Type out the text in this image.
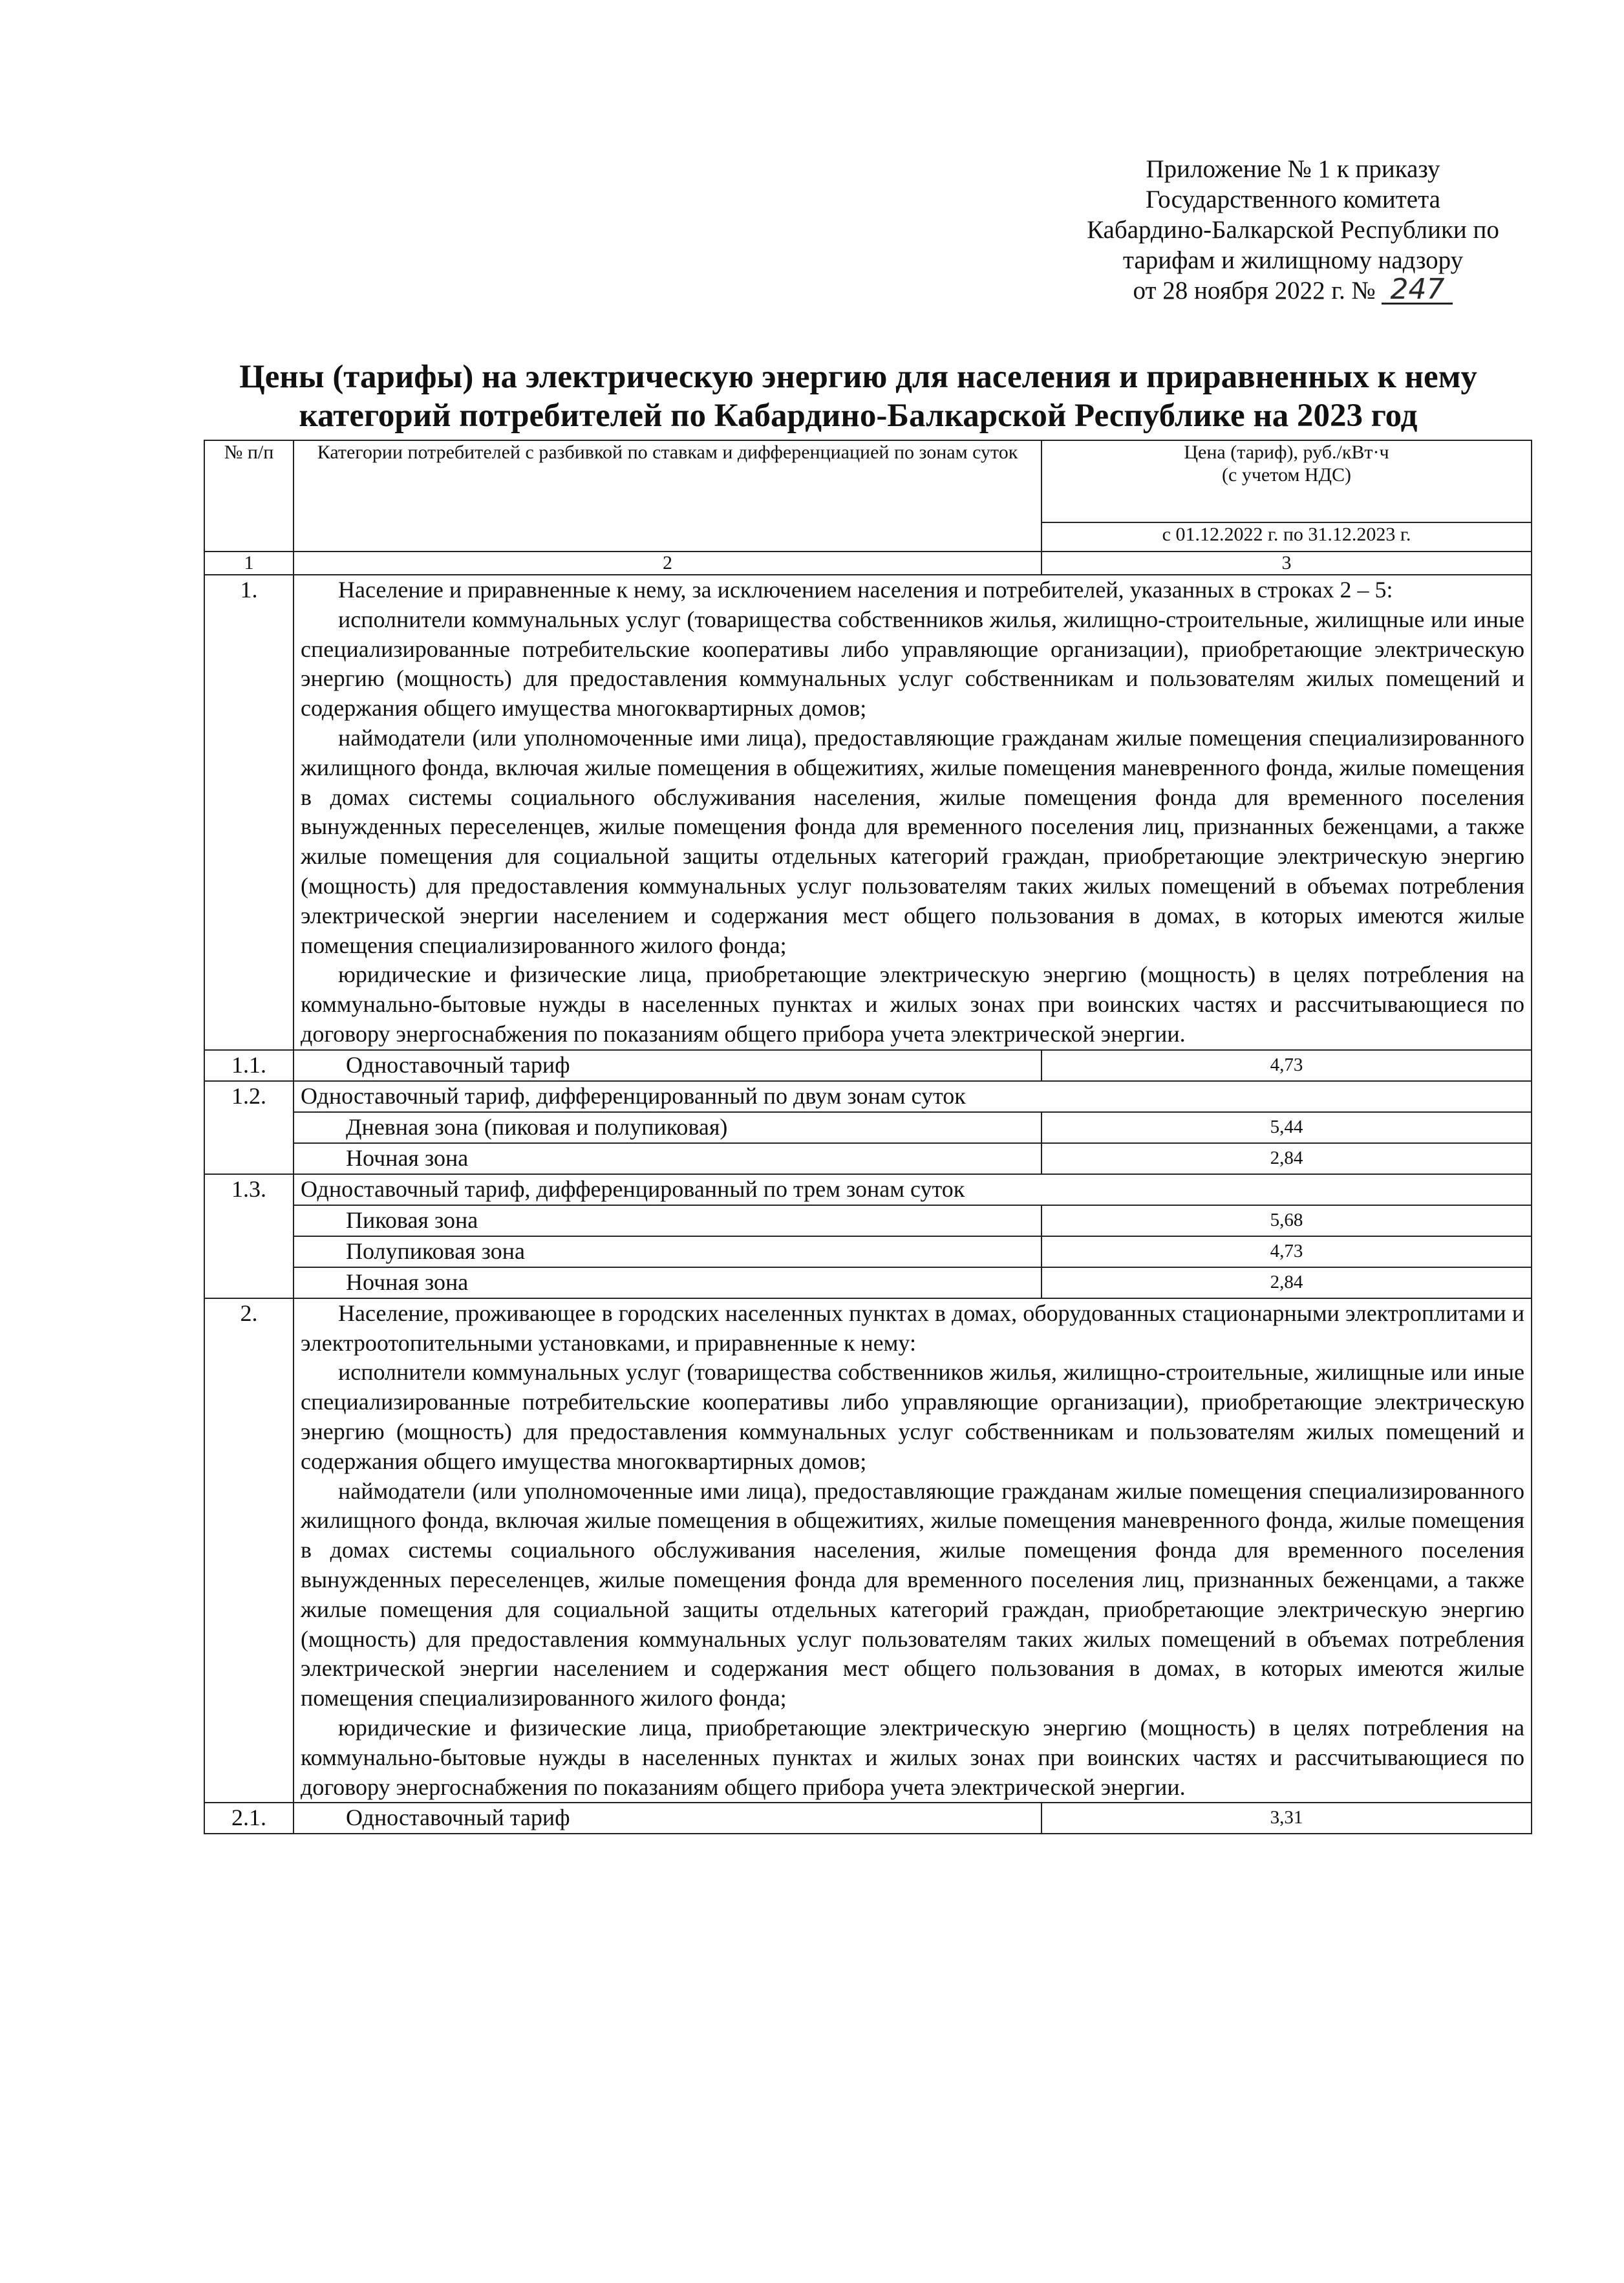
Приложение № 1 к приказу
Государственного комитета
Кабардино-Балкарской Республики по
тарифам и жилищному надзору
от 28 ноября 2022 г. № 247
Цены (тарифы) на электрическую энергию для населения и приравненных к нему
категорий потребителей по Кабардино-Балкарской Республике на 2023 год
№ п/п	Категории потребителей с разбивкой по ставкам и дифференциацией по зонам суток	Цена (тариф), руб./кВт·ч
(с учетом НДС)

		с 01.12.2022 г. по 31.12.2023 г.
1	2	3
1.	Население и приравненные к нему, за исключением населения и потребителей, указанных в строках 2 – 5:

исполнители коммунальных услуг (товарищества собственников жилья, жилищно-строительные, жилищные или иные специализированные потребительские кооперативы либо управляющие организации), приобретающие электрическую энергию (мощность) для предоставления коммунальных услуг собственникам и пользователям жилых помещений и содержания общего имущества многоквартирных домов;

наймодатели (или уполномоченные ими лица), предоставляющие гражданам жилые помещения специализированного жилищного фонда, включая жилые помещения в общежитиях, жилые помещения маневренного фонда, жилые помещения в домах системы социального обслуживания населения, жилые помещения фонда для временного поселения вынужденных переселенцев, жилые помещения фонда для временного поселения лиц, признанных беженцами, а также жилые помещения для социальной защиты отдельных категорий граждан, приобретающие электрическую энергию (мощность) для предоставления коммунальных услуг пользователям таких жилых помещений в объемах потребления электрической энергии населением и содержания мест общего пользования в домах, в которых имеются жилые помещения специализированного жилого фонда;

юридические и физические лица, приобретающие электрическую энергию (мощность) в целях потребления на коммунально-бытовые нужды в населенных пунктах и жилых зонах при воинских частях и рассчитывающиеся по договору энергоснабжения по показаниям общего прибора учета электрической энергии.	

1.1.	Одноставочный тариф	4,73
1.2.	Одноставочный тариф, дифференцированный по двум зонам суток	
	Дневная зона (пиковая и полупиковая)	5,44
	Ночная зона	2,84
1.3.	Одноставочный тариф, дифференцированный по трем зонам суток	
	Пиковая зона	5,68
	Полупиковая зона	4,73
	Ночная зона	2,84
2.	Население, проживающее в городских населенных пунктах в домах, оборудованных стационарными электроплитами и электроотопительными установками, и приравненные к нему:

исполнители коммунальных услуг (товарищества собственников жилья, жилищно-строительные, жилищные или иные специализированные потребительские кооперативы либо управляющие организации), приобретающие электрическую энергию (мощность) для предоставления коммунальных услуг собственникам и пользователям жилых помещений и содержания общего имущества многоквартирных домов;

наймодатели (или уполномоченные ими лица), предоставляющие гражданам жилые помещения специализированного жилищного фонда, включая жилые помещения в общежитиях, жилые помещения маневренного фонда, жилые помещения в домах системы социального обслуживания населения, жилые помещения фонда для временного поселения вынужденных переселенцев, жилые помещения фонда для временного поселения лиц, признанных беженцами, а также жилые помещения для социальной защиты отдельных категорий граждан, приобретающие электрическую энергию (мощность) для предоставления коммунальных услуг пользователям таких жилых помещений в объемах потребления электрической энергии населением и содержания мест общего пользования в домах, в которых имеются жилые помещения специализированного жилого фонда;

юридические и физические лица, приобретающие электрическую энергию (мощность) в целях потребления на коммунально-бытовые нужды в населенных пунктах и жилых зонах при воинских частях и рассчитывающиеся по договору энергоснабжения по показаниям общего прибора учета электрической энергии.	

2.1.	Одноставочный тариф	3,31
